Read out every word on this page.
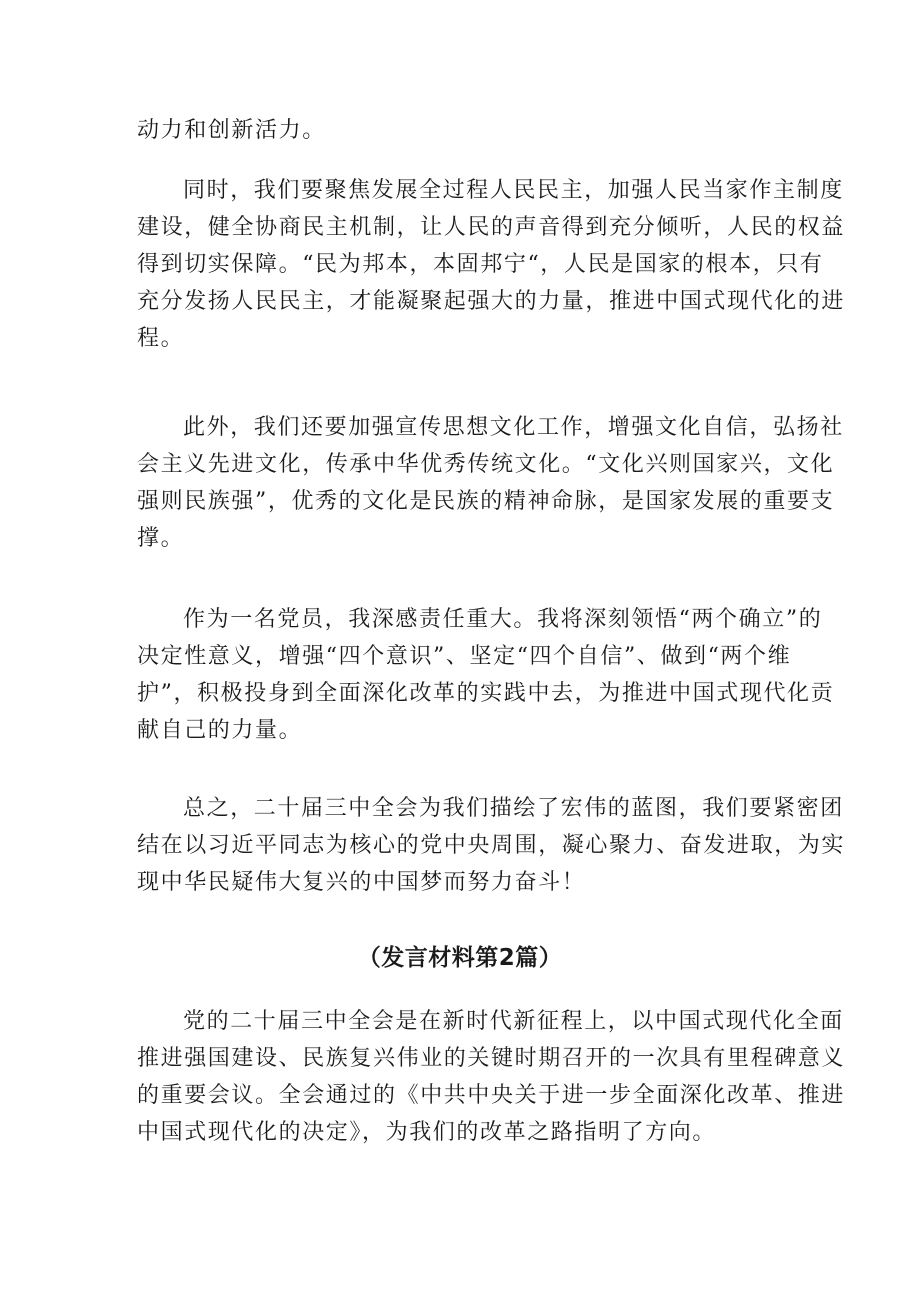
动力和创新活力。

同时，我们要聚焦发展全过程人民民主，加强人民当家作主制度
建设，健全协商民主机制，让人民的声音得到充分倾听，人民的权益
得到切实保障。“民为邦本，本固邦宁“，人民是国家的根本，只有
充分发扬人民民主，才能凝聚起强大的力量，推进中国式现代化的进
程。

此外，我们还要加强宣传思想文化工作，增强文化自信，弘扬社
会主义先进文化，传承中华优秀传统文化。“文化兴则国家兴，文化
强则民族强”，优秀的文化是民族的精神命脉，是国家发展的重要支
撑。

作为一名党员，我深感责任重大。我将深刻领悟“两个确立”的
决定性意义，增强“四个意识”、坚定“四个自信”、做到“两个维
护”，积极投身到全面深化改革的实践中去，为推进中国式现代化贡
献自己的力量。

总之，二十届三中全会为我们描绘了宏伟的蓝图，我们要紧密团
结在以习近平同志为核心的党中央周围，凝心聚力、奋发进取，为实
现中华民疑伟大复兴的中国梦而努力奋斗！

（发言材料第2篇）

党的二十届三中全会是在新时代新征程上，以中国式现代化全面
推进强国建设、民族复兴伟业的关键时期召开的一次具有里程碑意义
的重要会议。全会通过的《中共中央关于进一步全面深化改革、推进
中国式现代化的决定》，为我们的改革之路指明了方向。
